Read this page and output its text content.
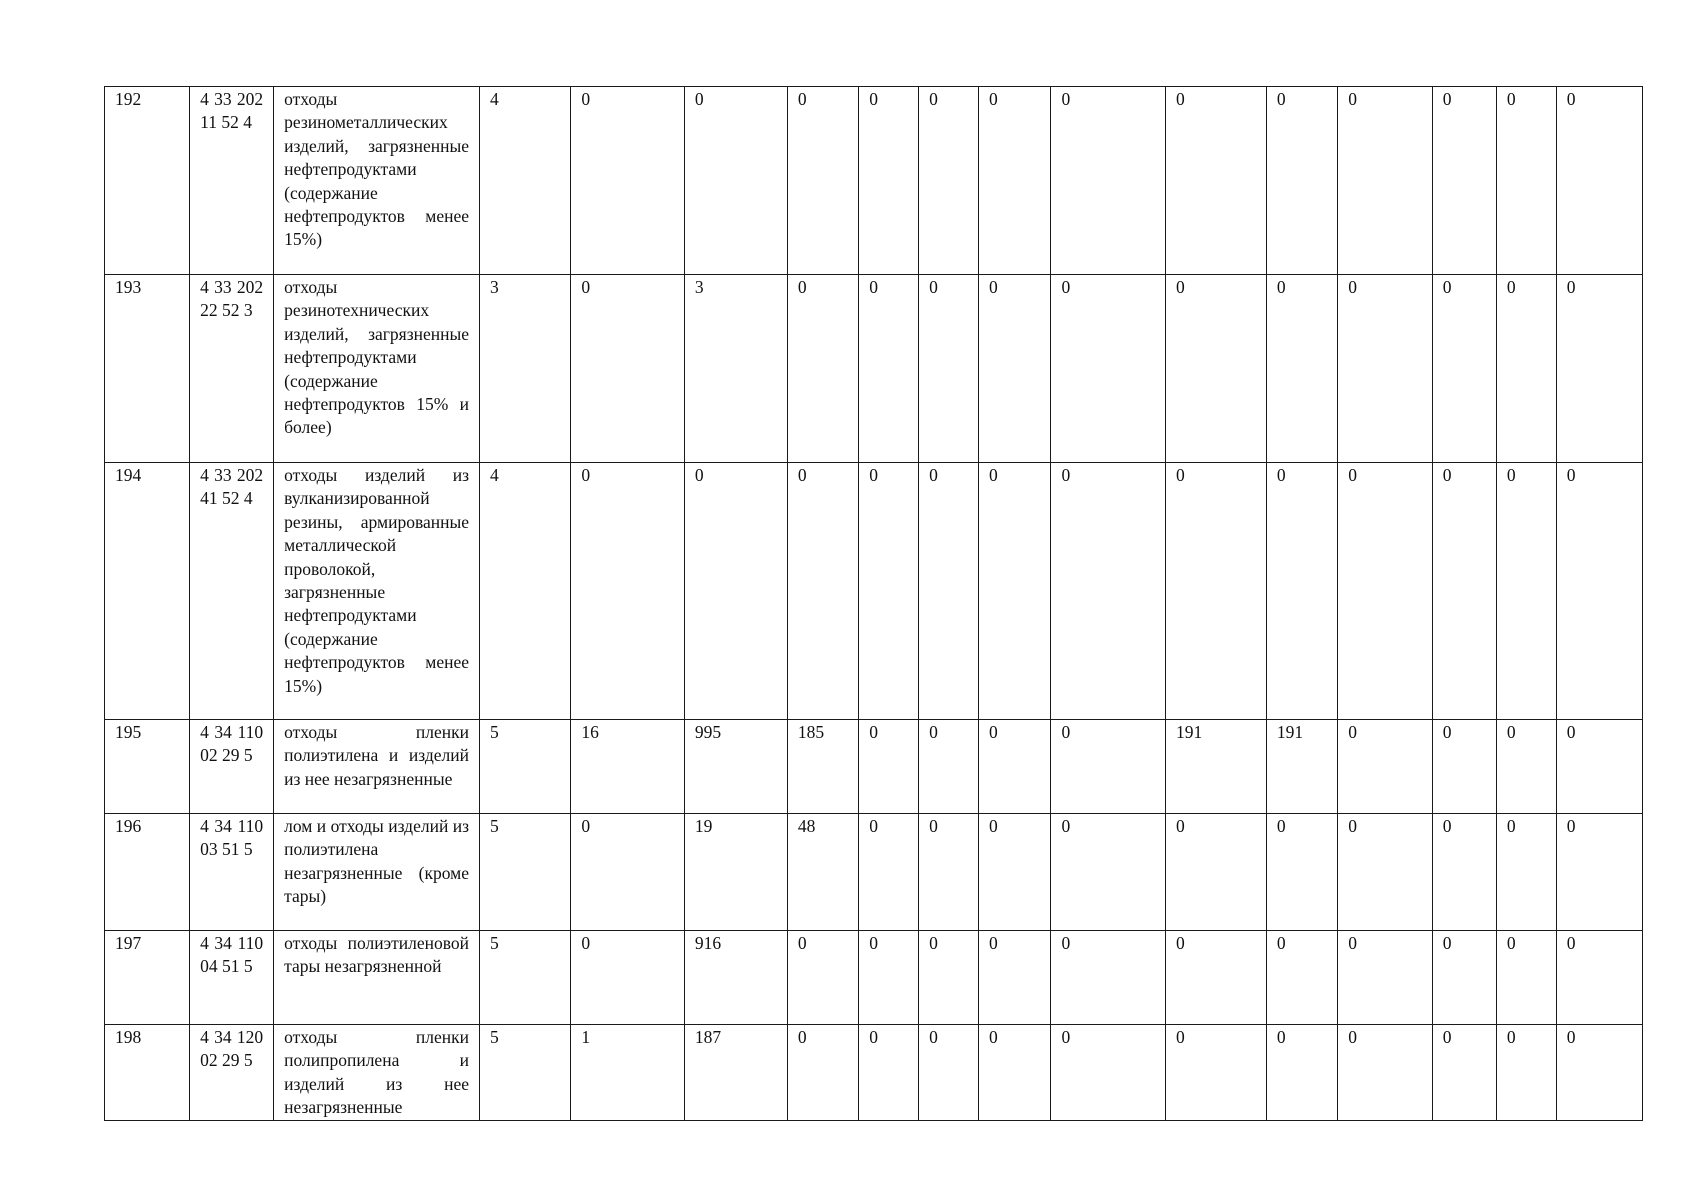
192	4 33 202 11 52 4	отходы резинометаллических изделий, загрязненные нефтепродуктами (содержание нефтепродуктов менее 15%)	4	0	0	0	0	0	0	0	0	0	0	0	0	0
193	4 33 202 22 52 3	отходы резинотехнических изделий, загрязненные нефтепродуктами (содержание нефтепродуктов 15% и более)	3	0	3	0	0	0	0	0	0	0	0	0	0	0
194	4 33 202 41 52 4	отходы изделий из вулканизированной резины, армированные металлической проволокой, загрязненные нефтепродуктами (содержание нефтепродуктов менее 15%)	4	0	0	0	0	0	0	0	0	0	0	0	0	0
195	4 34 110 02 29 5	отходы пленки полиэтилена и изделий из нее незагрязненные	5	16	995	185	0	0	0	0	191	191	0	0	0	0
196	4 34 110 03 51 5	лом и отходы изделий из полиэтилена незагрязненные (кроме тары)	5	0	19	48	0	0	0	0	0	0	0	0	0	0
197	4 34 110 04 51 5	отходы полиэтиленовой тары незагрязненной	5	0	916	0	0	0	0	0	0	0	0	0	0	0
198	4 34 120 02 29 5	отходы пленки полипропилена и изделий из нее незагрязненные	5	1	187	0	0	0	0	0	0	0	0	0	0	0
